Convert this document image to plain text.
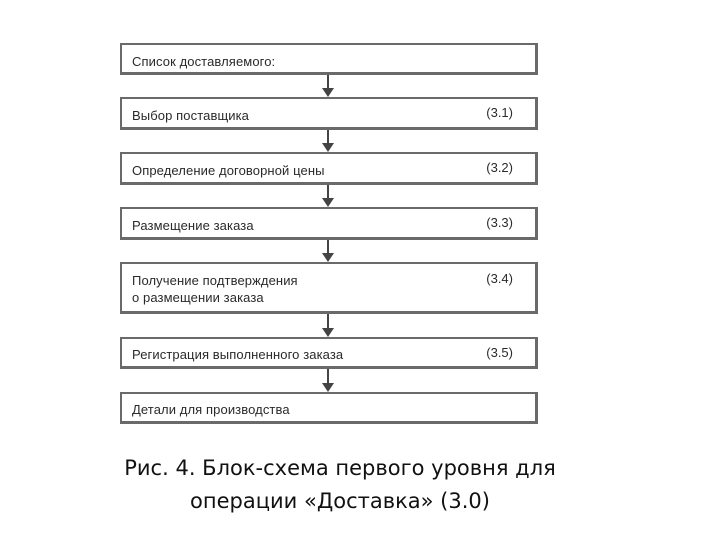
Список доставляемого:
Выбор поставщика	(3.1)
Определение договорной цены	(3.2)
Размещение заказа	(3.3)
Получение подтверждения
о размещении заказа
(3.4)
Регистрация выполненного заказа	(3.5)
Детали для производства
Рис. 4. Блок-схема первого уровня для
операции «Доставка» (3.0)
